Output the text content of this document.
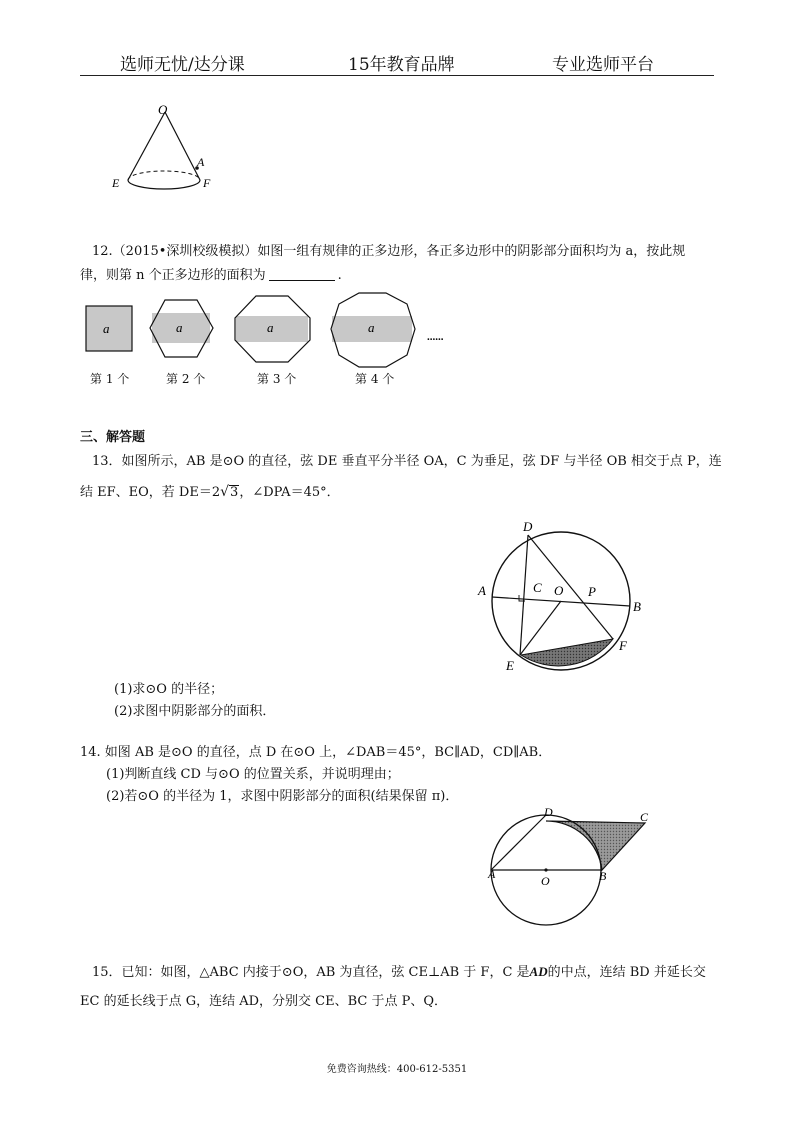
选师无忧/达分课	15年教育品牌	专业选师平台
O
A
E	F
12.（2015•深圳校级模拟）如图一组有规律的正多边形，各正多边形中的阴影部分面积均为 a，按此规
律，则第 n 个正多边形的面积为	.
a	a	a	a
......
第 1 个	第 2 个	第 3 个	第 4 个
三、解答题
13．如图所示，AB 是⊙O 的直径，弦 DE 垂直平分半径 OA，C 为垂足，弦 DF 与半径 OB 相交于点 P，连
结 EF、EO，若 DE＝2√3，∠DPA＝45°．
D
A	C O P
B
F
E
(1)求⊙O 的半径；
(2)求图中阴影部分的面积．
14. 如图 AB 是⊙O 的直径，点 D 在⊙O 上，∠DAB＝45°，BC∥AD，CD∥AB．
(1)判断直线 CD 与⊙O 的位置关系，并说明理由；
(2)若⊙O 的半径为 1，求图中阴影部分的面积(结果保留 π)．
D	C
A	O	B
15．已知：如图，△ABC 内接于⊙O，AB 为直径，弦 CE⊥AB 于 F，C 是AD的中点，连结 BD 并延长交
EC 的延长线于点 G，连结 AD，分别交 CE、BC 于点 P、Q．
免费咨询热线：400-612-5351
